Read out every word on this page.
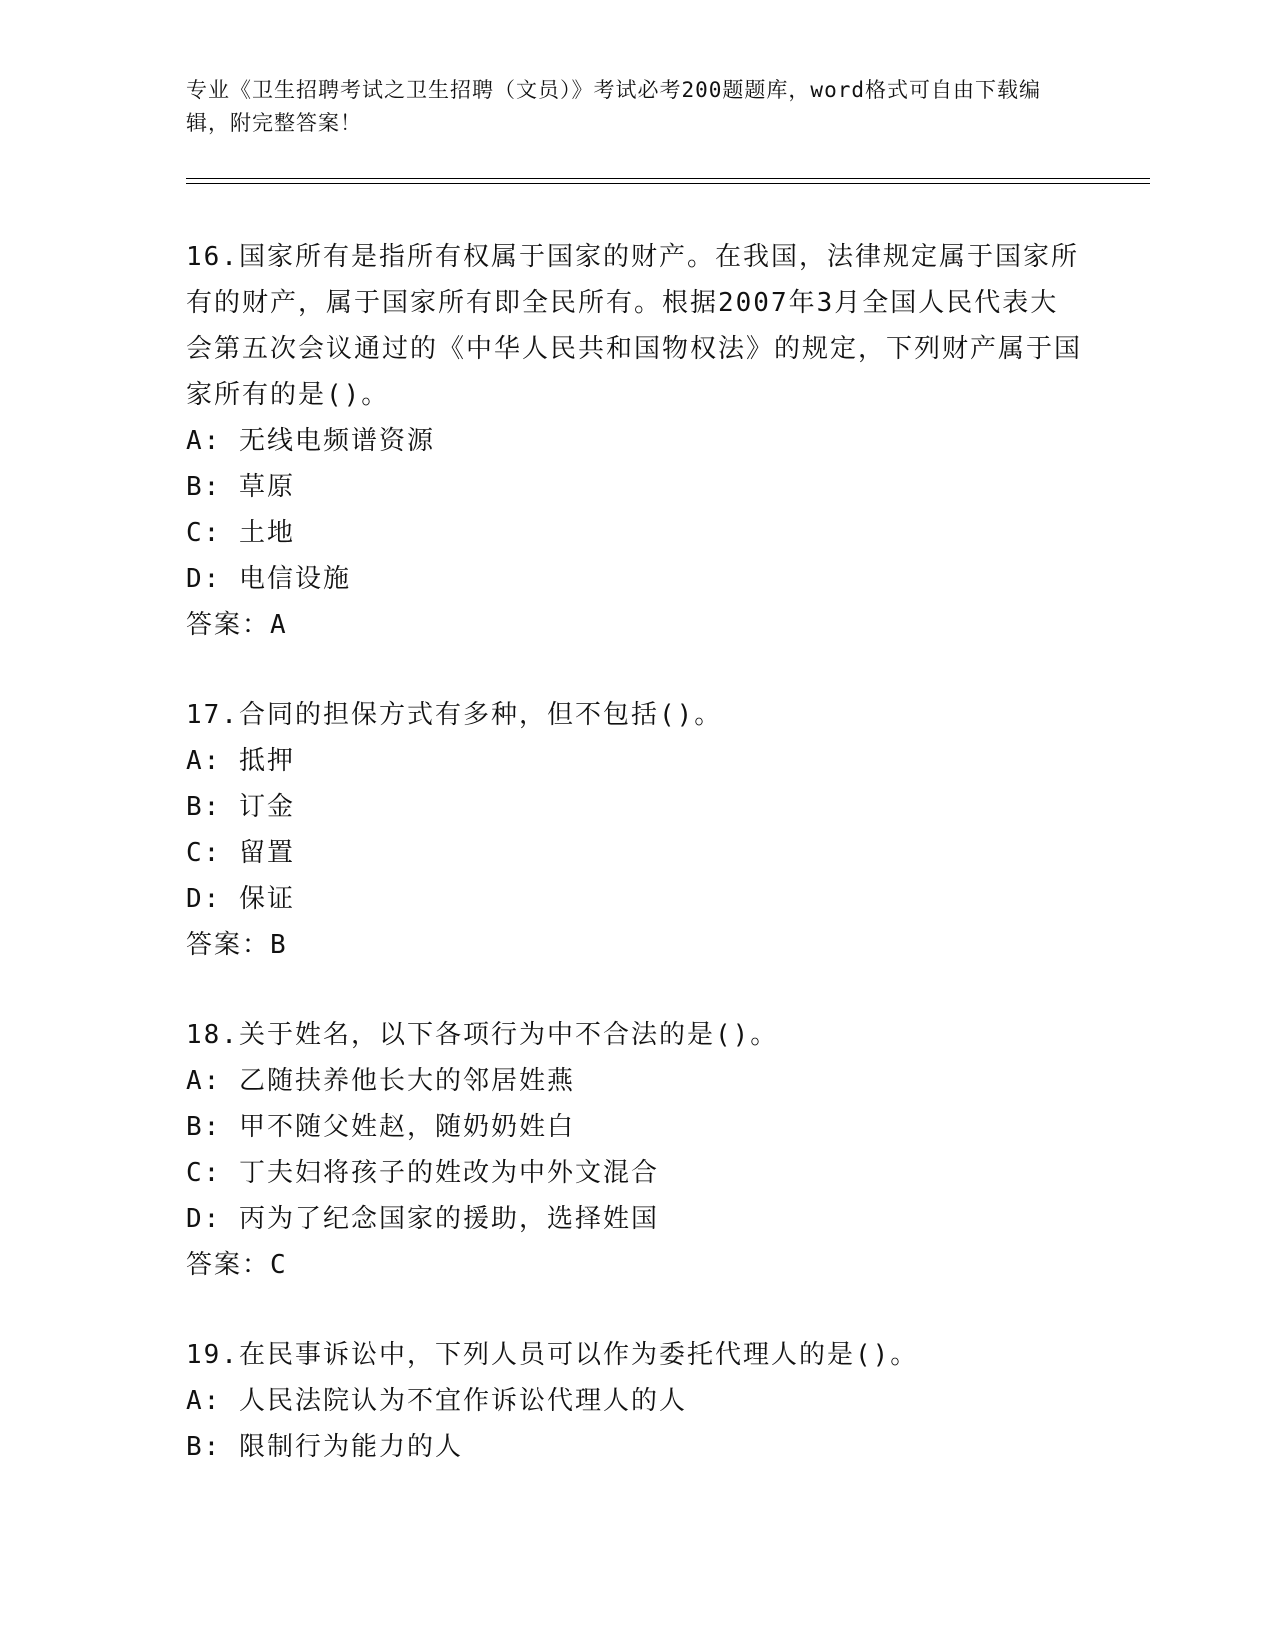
专业《卫生招聘考试之卫生招聘（文员）》考试必考200题题库，word格式可自由下载编辑，附完整答案！

16.国家所有是指所有权属于国家的财产。在我国，法律规定属于国家所有的财产，属于国家所有即全民所有。根据2007年3月全国人民代表大会第五次会议通过的《中华人民共和国物权法》的规定，下列财产属于国家所有的是()。

A: 无线电频谱资源

B: 草原

C: 土地

D: 电信设施

答案：A

17.合同的担保方式有多种，但不包括()。

A: 抵押

B: 订金

C: 留置

D: 保证

答案：B

18.关于姓名，以下各项行为中不合法的是()。

A: 乙随扶养他长大的邻居姓燕

B: 甲不随父姓赵，随奶奶姓白

C: 丁夫妇将孩子的姓改为中外文混合

D: 丙为了纪念国家的援助，选择姓国

答案：C

19.在民事诉讼中，下列人员可以作为委托代理人的是()。

A: 人民法院认为不宜作诉讼代理人的人

B: 限制行为能力的人
